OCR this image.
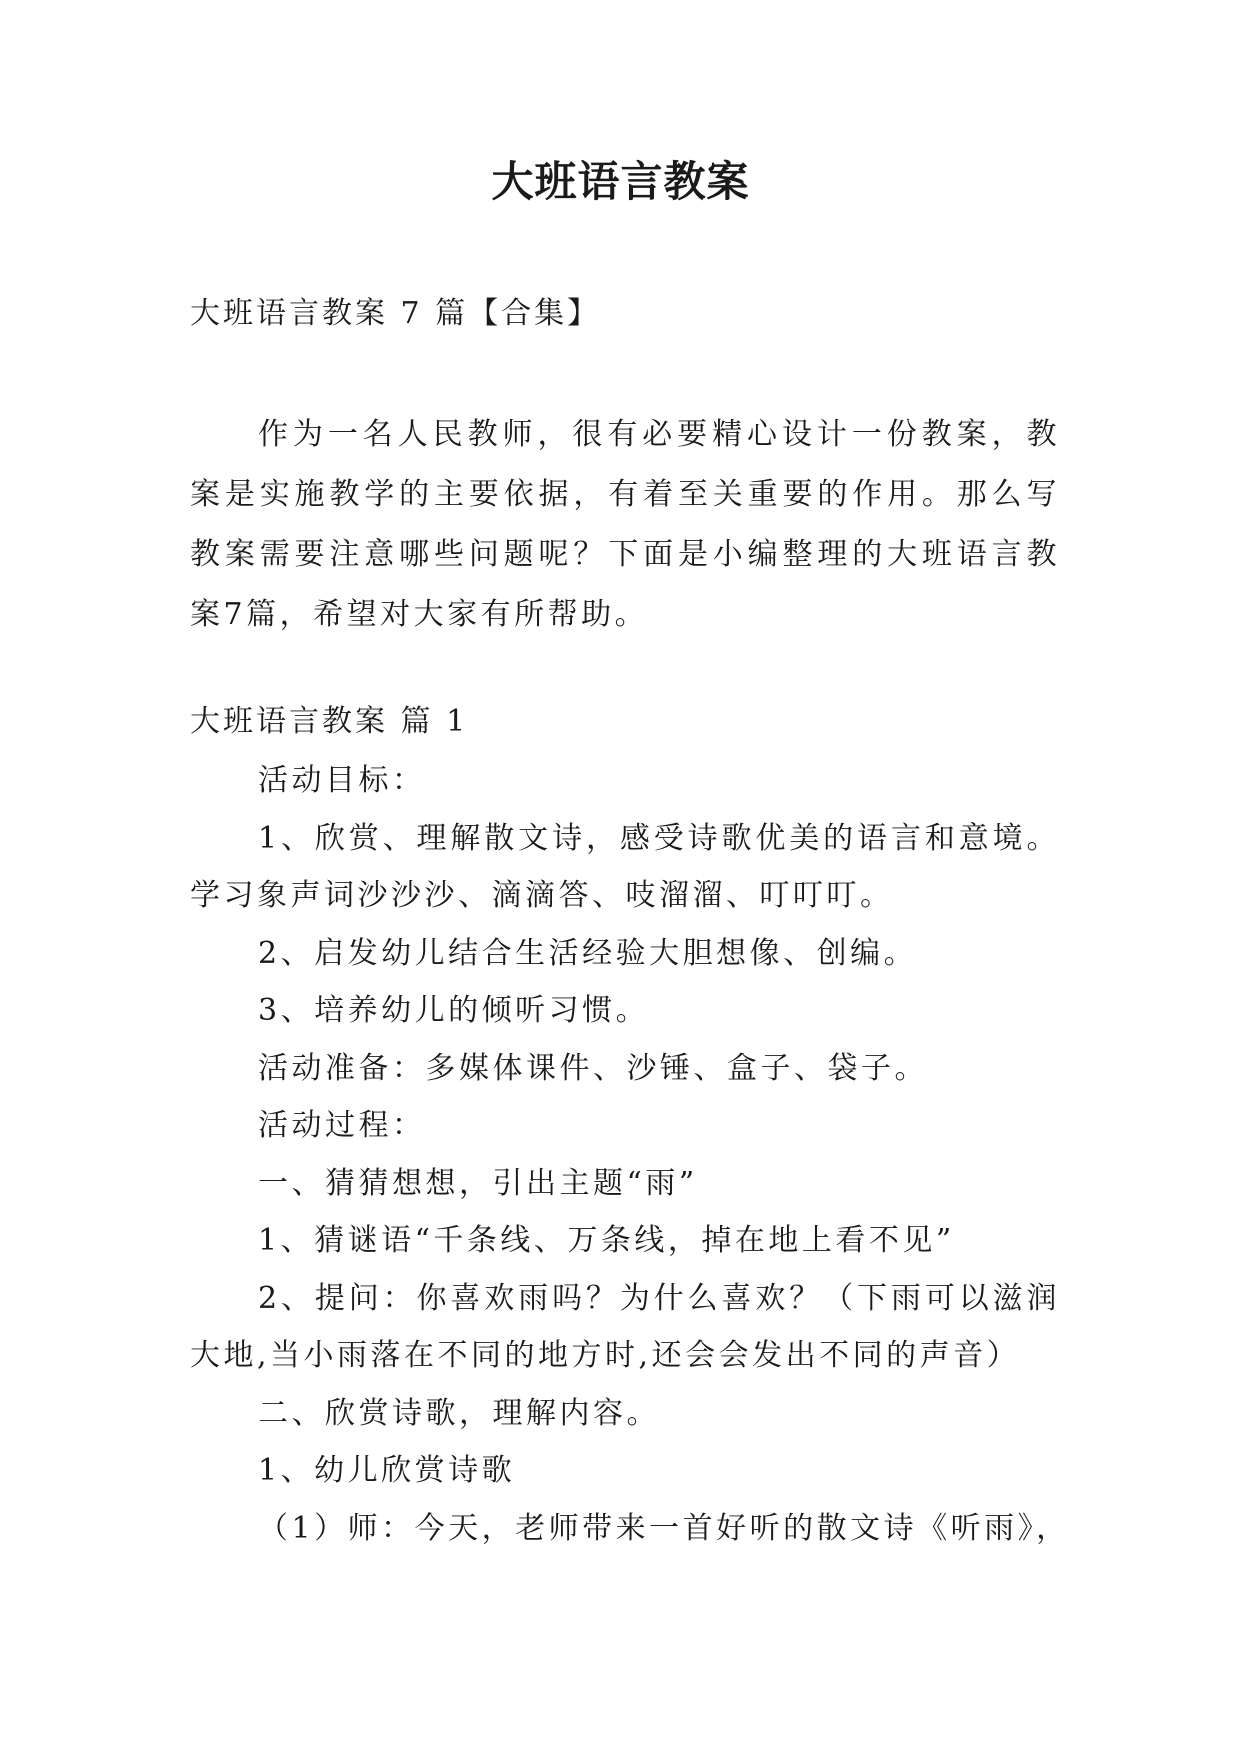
大班语言教案
大班语言教案 7 篇【合集】
作为一名人民教师，很有必要精心设计一份教案，教案是实施教学的主要依据，有着至关重要的作用。那么写教案需要注意哪些问题呢？下面是小编整理的大班语言教案7篇，希望对大家有所帮助。
大班语言教案 篇 1
活动目标：
1、欣赏、理解散文诗，感受诗歌优美的语言和意境。学习象声词沙沙沙、滴滴答、吱溜溜、叮叮叮。
2、启发幼儿结合生活经验大胆想像、创编。
3、培养幼儿的倾听习惯。
活动准备：多媒体课件、沙锤、盒子、袋子。
活动过程：
一、猜猜想想，引出主题“雨”
1、猜谜语“千条线、万条线，掉在地上看不见”
2、提问：你喜欢雨吗？为什么喜欢？（下雨可以滋润大地,当小雨落在不同的地方时,还会会发出不同的声音）
二、欣赏诗歌，理解内容。
1、幼儿欣赏诗歌
（1）师：今天，老师带来一首好听的散文诗《听雨》，
